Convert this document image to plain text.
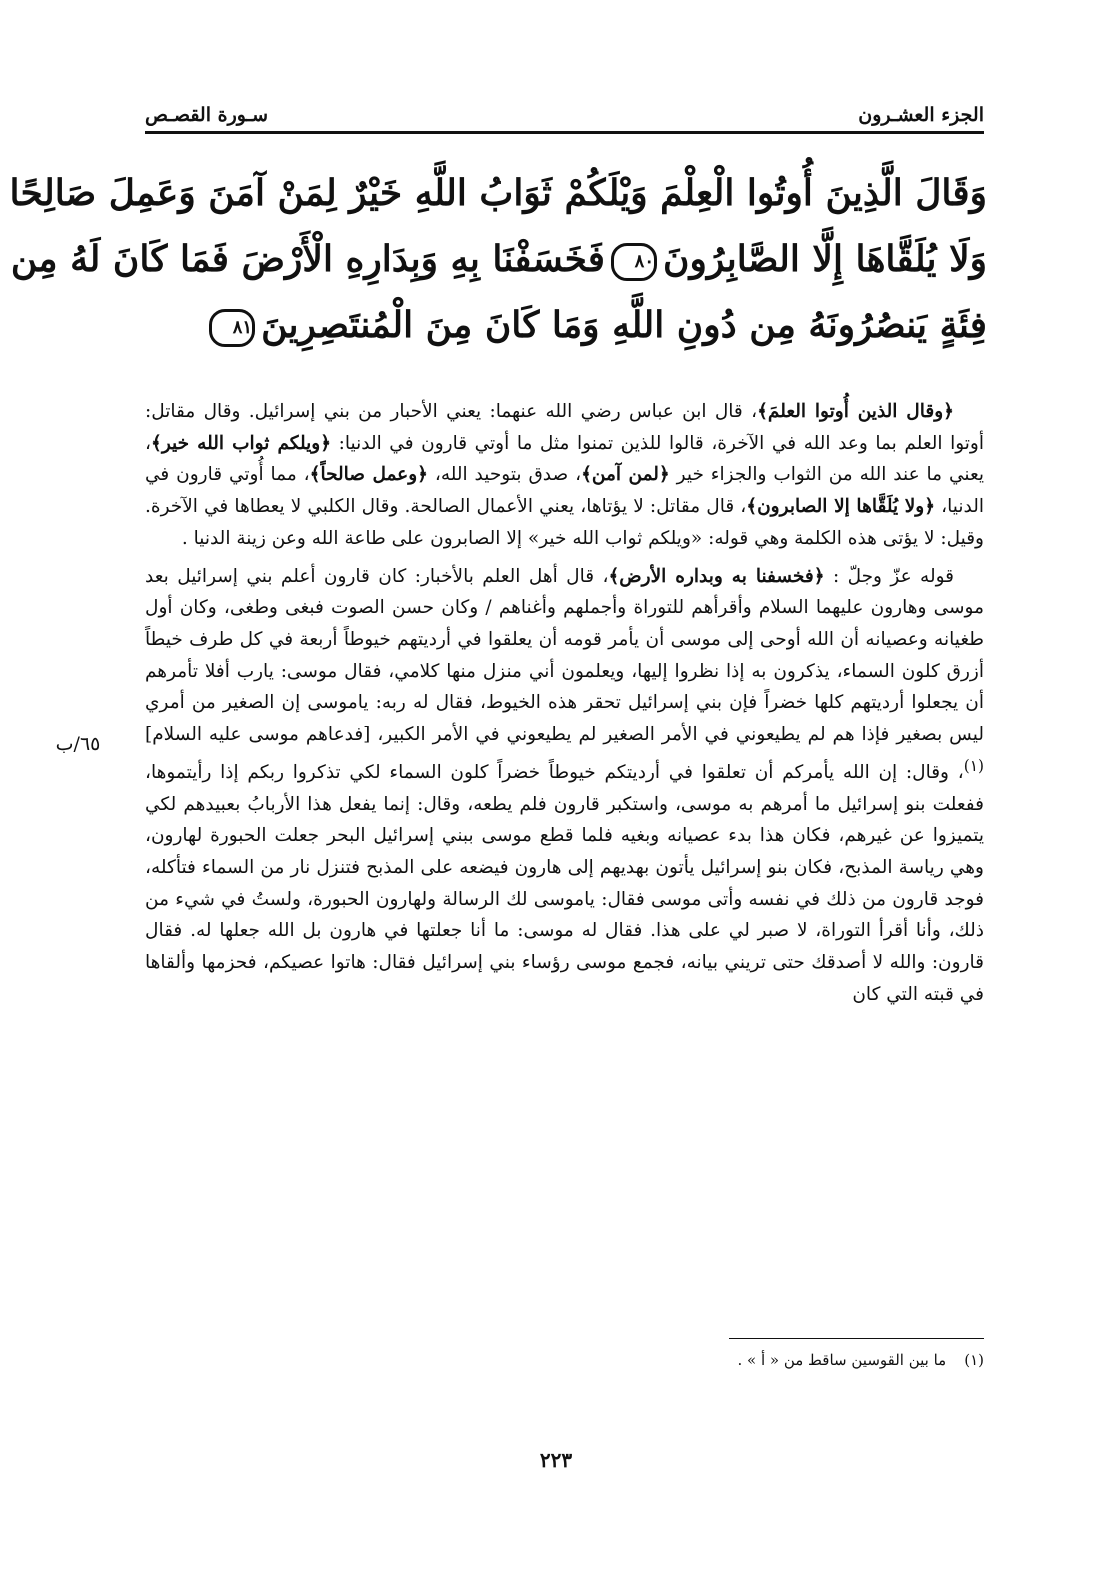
الجزء العشـرون
سـورة القصـص
وَقَالَ الَّذِينَ أُوتُوا الْعِلْمَ وَيْلَكُمْ ثَوَابُ اللَّهِ خَيْرٌ لِمَنْ آمَنَ وَعَمِلَ صَالِحًا
وَلَا يُلَقَّاهَا إِلَّا الصَّابِرُونَ٨٠فَخَسَفْنَا بِهِ وَبِدَارِهِ الْأَرْضَ فَمَا كَانَ لَهُ مِن
فِئَةٍ يَنصُرُونَهُ مِن دُونِ اللَّهِ وَمَا كَانَ مِنَ الْمُنتَصِرِينَ٨١

﴿وقال الذين أُوتوا العلمَ﴾، قال ابن عباس رضي الله عنهما: يعني الأحبار من بني إسرائيل. وقال مقاتل: أوتوا العلم بما وعد الله في الآخرة، قالوا للذين تمنوا مثل ما أوتي قارون في الدنيا: ﴿ويلكم ثواب الله خير﴾، يعني ما عند الله من الثواب والجزاء خير ﴿لمن آمن﴾، صدق بتوحيد الله، ﴿وعمل صالحاً﴾، مما أُوتي قارون في الدنيا، ﴿ولا يُلَقَّاها إلا الصابرون﴾، قال مقاتل: لا يؤتاها، يعني الأعمال الصالحة. وقال الكلبي لا يعطاها في الآخرة. وقيل: لا يؤتى هذه الكلمة وهي قوله: «ويلكم ثواب الله خير» إلا الصابرون على طاعة الله وعن زينة الدنيا .

قوله عزّ وجلّ : ﴿فخسفنا به وبداره الأرض﴾، قال أهل العلم بالأخبار: كان قارون أعلم بني إسرائيل بعد موسى وهارون عليهما السلام وأقرأهم للتوراة وأجملهم وأغناهم / وكان حسن الصوت فبغى وطغى، وكان أول طغيانه وعصيانه أن الله أوحى إلى موسى أن يأمر قومه أن يعلقوا في أرديتهم خيوطاً أربعة في كل طرف خيطاً أزرق كلون السماء، يذكرون به إذا نظروا إليها، ويعلمون أني منزل منها كلامي، فقال موسى: يارب أفلا تأمرهم أن يجعلوا أرديتهم كلها خضراً فإن بني إسرائيل تحقر هذه الخيوط، فقال له ربه: ياموسى إن الصغير من أمري ليس بصغير فإذا هم لم يطيعوني في الأمر الصغير لم يطيعوني في الأمر الكبير، [فدعاهم موسى عليه السلام]$^{(١)}$، وقال: إن الله يأمركم أن تعلقوا في أرديتكم خيوطاً خضراً كلون السماء لكي تذكروا ربكم إذا رأيتموها، ففعلت بنو إسرائيل ما أمرهم به موسى، واستكبر قارون فلم يطعه، وقال: إنما يفعل هذا الأربابُ بعبيدهم لكي يتميزوا عن غيرهم، فكان هذا بدء عصيانه وبغيه فلما قطع موسى ببني إسرائيل البحر جعلت الحبورة لهارون، وهي رياسة المذبح، فكان بنو إسرائيل يأتون بهديهم إلى هارون فيضعه على المذبح فتنزل نار من السماء فتأكله، فوجد قارون من ذلك في نفسه وأتى موسى فقال: ياموسى لك الرسالة ولهارون الحبورة، ولستُ في شيء من ذلك، وأنا أقرأ التوراة، لا صبر لي على هذا. فقال له موسى: ما أنا جعلتها في هارون بل الله جعلها له. فقال قارون: والله لا أصدقك حتى تريني بيانه، فجمع موسى رؤساء بني إسرائيل فقال: هاتوا عصيكم، فحزمها وألقاها في قبته التي كان

٦٥/ب
(١)ما بين القوسين ساقط من « أ » .
٢٢٣
